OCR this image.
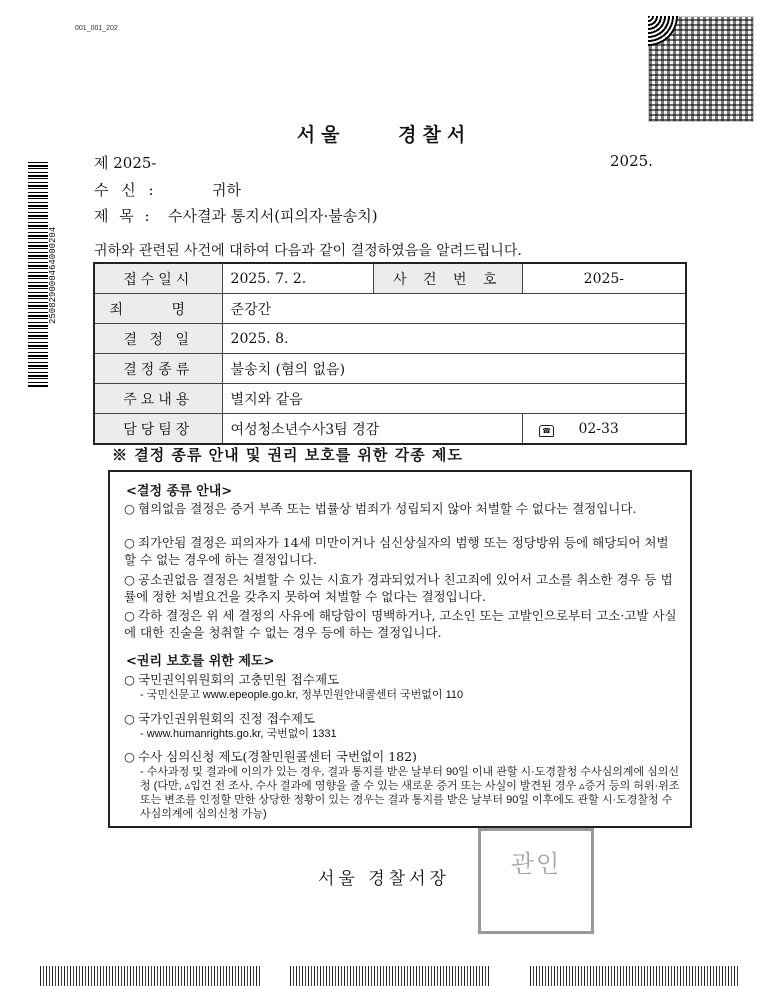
001_001_202
250829000464000204
서울 경찰서
제 2025-	2025.
수 신 :	귀하
제 목 : 수사결과 통지서(피의자·불송치)
귀하와 관련된 사건에 대하여 다음과 같이 결정하였음을 알려드립니다.
접수일시	2025. 7. 2.	사 건 번 호	2025-	
죄 명	준강간			
결 정 일	2025. 8.			
결정종류	불송치 (혐의 없음)			
주요내용	별지와 같음			
담당팀장	여성청소년수사3팀 경감		☎	02-33
※ 결정 종류 안내 및 권리 보호를 위한 각종 제도
<결정 종류 안내>
○ 혐의없음 결정은 증거 부족 또는 법률상 범죄가 성립되지 않아 처벌할 수 없다는 결정입니다.
○ 죄가안됨 결정은 피의자가 14세 미만이거나 심신상실자의 범행 또는 정당방위 등에 해당되어 처벌할 수 없는 경우에 하는 결정입니다.
○ 공소권없음 결정은 처벌할 수 있는 시효가 경과되었거나 친고죄에 있어서 고소를 취소한 경우 등 법률에 정한 처벌요건을 갖추지 못하여 처벌할 수 없다는 결정입니다.
○ 각하 결정은 위 세 결정의 사유에 해당함이 명백하거나, 고소인 또는 고발인으로부터 고소·고발 사실에 대한 진술을 청취할 수 없는 경우 등에 하는 결정입니다.
<권리 보호를 위한 제도>
○ 국민권익위원회의 고충민원 접수제도
- 국민신문고 www.epeople.go.kr, 정부민원안내콜센터 국번없이 110
○ 국가인권위원회의 진정 접수제도
- www.humanrights.go.kr, 국번없이 1331
○ 수사 심의신청 제도(경찰민원콜센터 국번없이 182)
- 수사과정 및 결과에 이의가 있는 경우, 결과 통지를 받은 날부터 90일 이내 관할 시·도경찰청 수사심의계에 심의신청 (다만, ▵입건 전 조사, 수사 결과에 영향을 줄 수 있는 새로운 증거 또는 사실이 발견된 경우 ▵증거 등의 허위·위조 또는 변조를 인정할 만한 상당한 정황이 있는 경우는 결과 통지를 받은 날부터 90일 이후에도 관할 시·도경찰청 수사심의계에 심의신청 가능)
서울 경찰서장
관인
